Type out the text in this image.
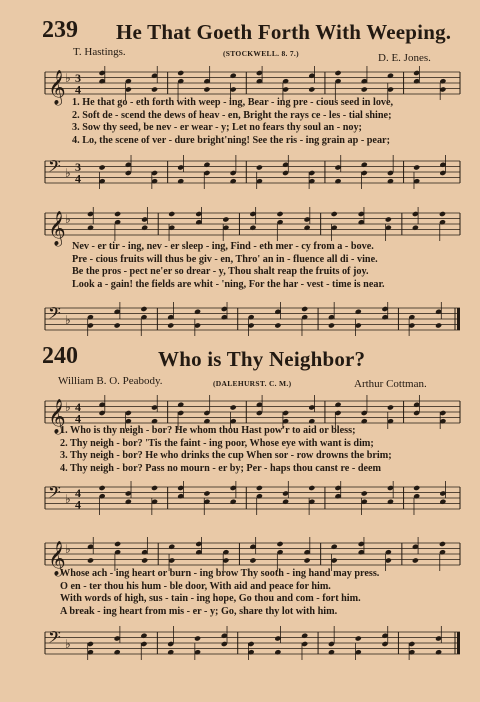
239 He That Goeth Forth With Weeping.
T. Hastings.	(STOCKWELL. 8. 7.)	D. E. Jones.
𝄞 ♭ 3
4
1. He that go - eth forth with weep - ing, Bear - ing pre - cious seed in love,
2. Soft de - scend the dews of heav - en, Bright the rays ce - les - tial shine;
3. Sow thy seed, be nev - er wear - y; Let no fears thy soul an - noy;
4. Lo, the scene of ver - dure bright'ning! See the ris - ing grain ap - pear;
𝄢 ♭ 3
4
𝄞 ♭
Nev - er tir - ing, nev - er sleep - ing, Find - eth mer - cy from a - bove.
Pre - cious fruits will thus be giv - en, Thro' an in - fluence all di - vine.
Be the pros - pect ne'er so drear - y, Thou shalt reap the fruits of joy.
Look a - gain! the fields are whit - 'ning, For the har - vest - time is near.
𝄢 ♭
240	Who is Thy Neighbor?
William B. O. Peabody.	(DALEHURST. C. M.)	Arthur Cottman.
𝄞 ♭ 4
4
1. Who is thy neigh - bor? He whom thou Hast pow'r to aid or bless;
2. Thy neigh - bor? 'Tis the faint - ing poor, Whose eye with want is dim;
3. Thy neigh - bor? He who drinks the cup When sor - row drowns the brim;
4. Thy neigh - bor? Pass no mourn - er by; Per - haps thou canst re - deem
𝄢 ♭ 4
4
𝄞 ♭
Whose ach - ing heart or burn - ing brow Thy sooth - ing hand may press.
O en - ter thou his hum - ble door, With aid and peace for him.
With words of high, sus - tain - ing hope, Go thou and com - fort him.
A break - ing heart from mis - er - y; Go, share thy lot with him.
𝄢 ♭
